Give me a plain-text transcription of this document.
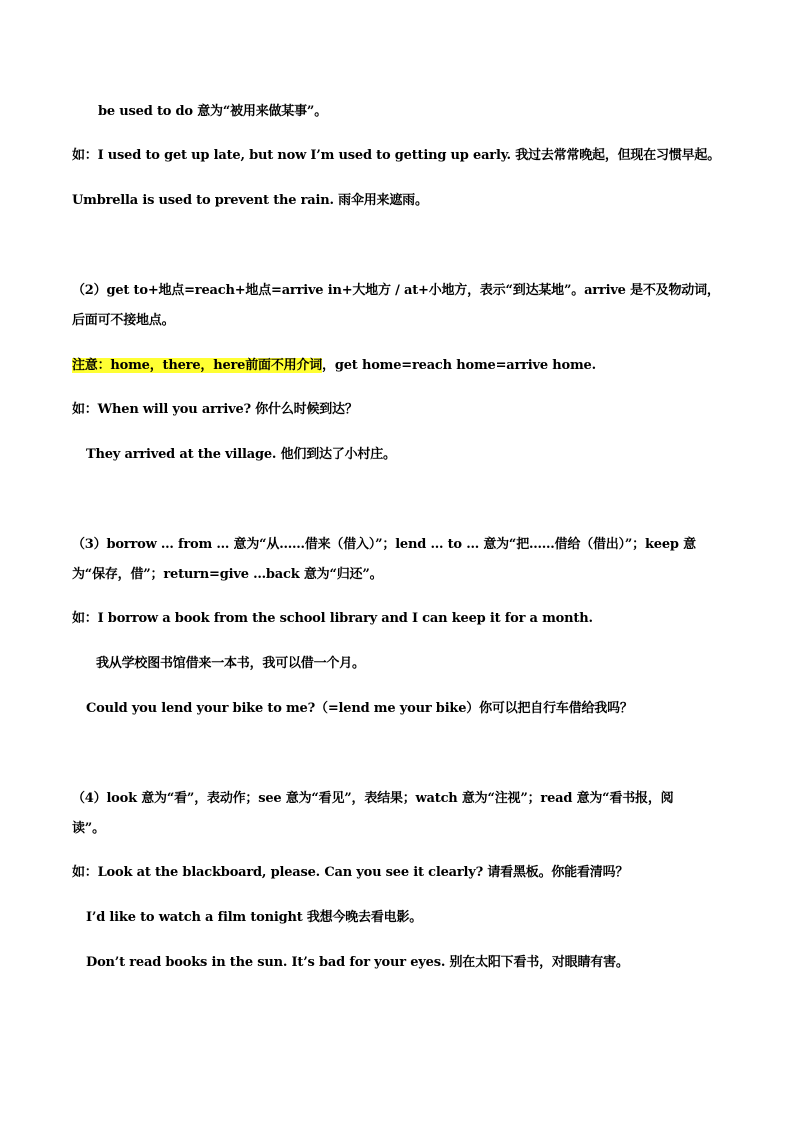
be used to do 意为“被用来做某事”。
如：I used to get up late, but now I’m used to getting up early. 我过去常常晚起，但现在习惯早起。
Umbrella is used to prevent the rain. 雨伞用来遮雨。
（2）get to+地点=reach+地点=arrive in+大地方 / at+小地方，表示“到达某地”。arrive 是不及物动词，
后面可不接地点。
注意：home，there，here前面不用介词，get home=reach home=arrive home.
如：When will you arrive? 你什么时候到达？
They arrived at the village. 他们到达了小村庄。
（3）borrow … from … 意为“从……借来（借入）”；lend … to … 意为“把……借给（借出）”；keep 意
为“保存，借”；return=give …back 意为“归还”。
如：I borrow a book from the school library and I can keep it for a month.
我从学校图书馆借来一本书，我可以借一个月。
Could you lend your bike to me?（=lend me your bike）你可以把自行车借给我吗？
（4）look 意为“看”，表动作；see 意为“看见”，表结果；watch 意为“注视”；read 意为“看书报，阅
读”。
如：Look at the blackboard, please. Can you see it clearly? 请看黑板。你能看清吗？
I’d like to watch a film tonight 我想今晚去看电影。
Don’t read books in the sun. It’s bad for your eyes. 别在太阳下看书，对眼睛有害。
